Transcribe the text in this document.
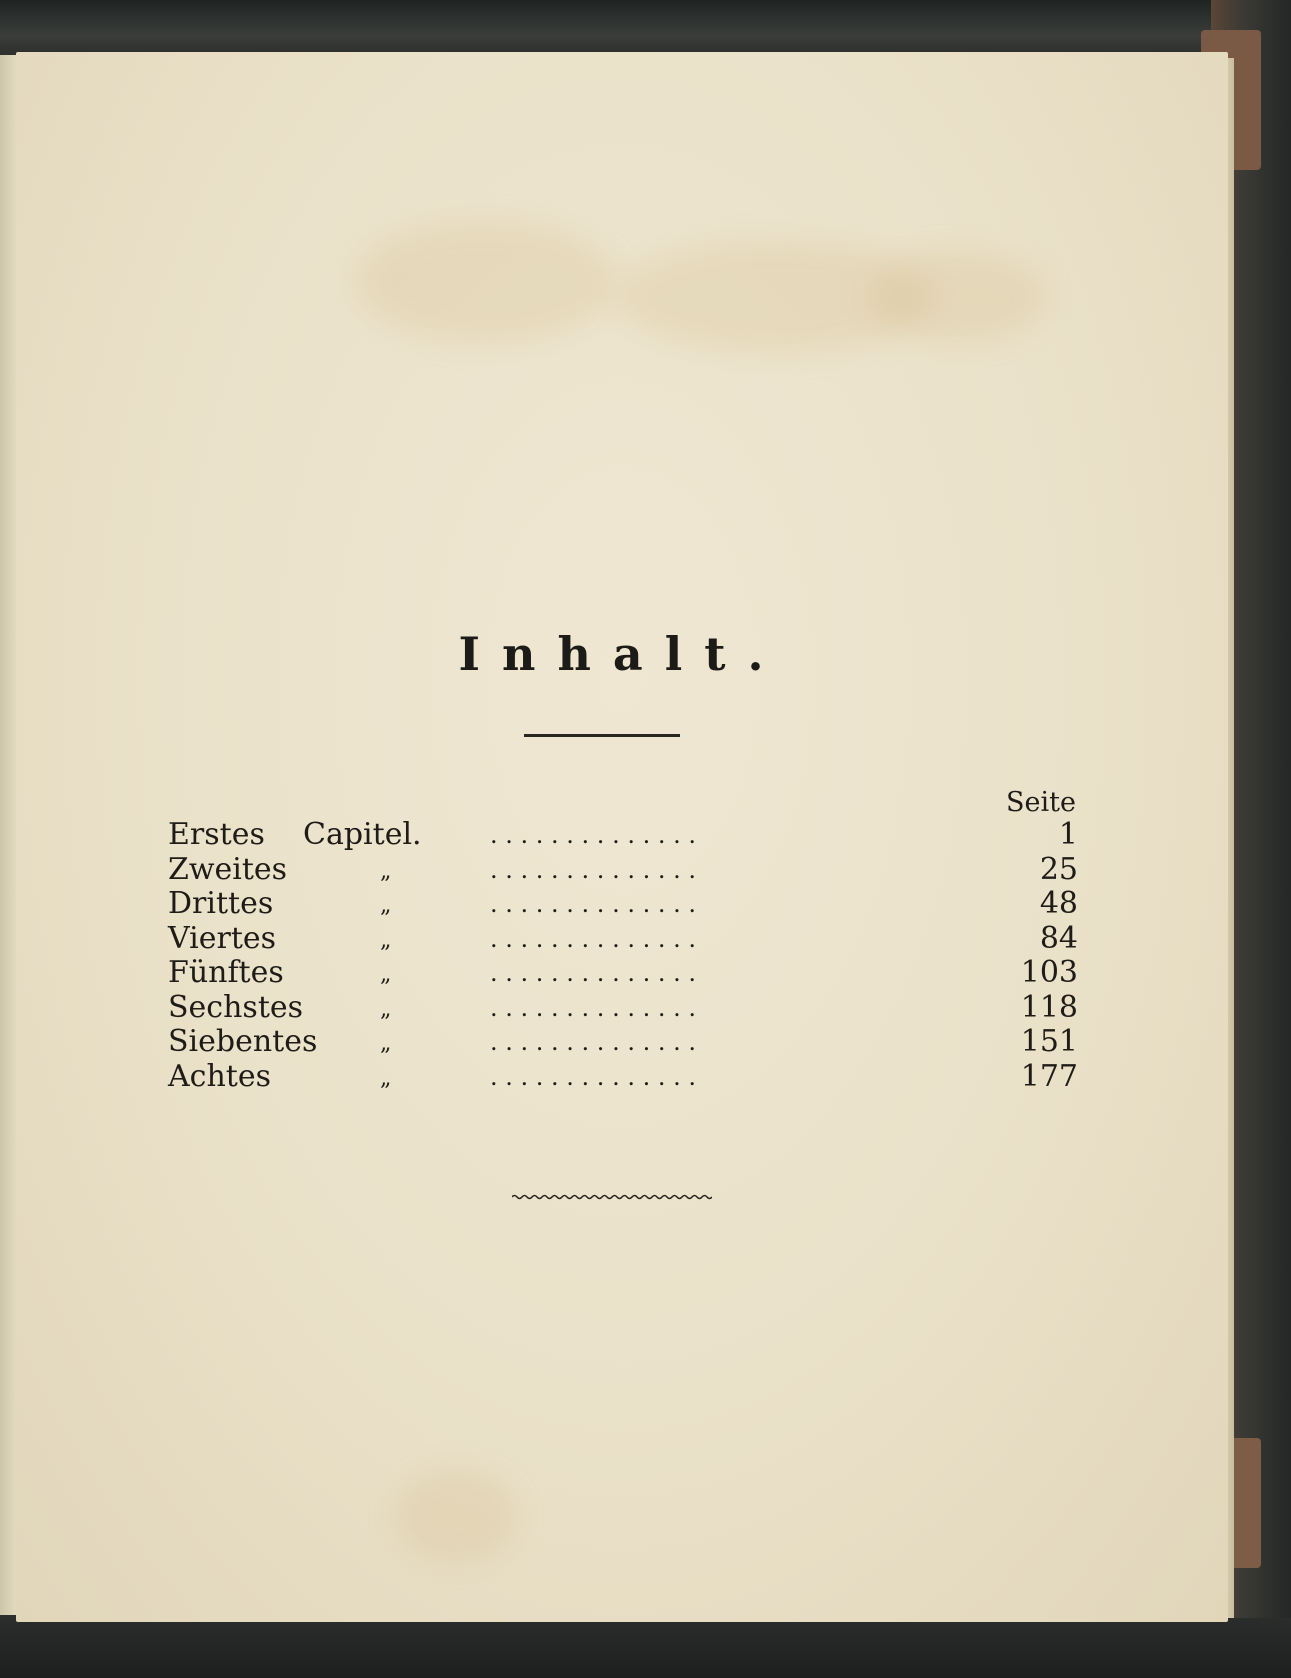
Inhalt.
Seite
Erstes Capitel.	. . . . . . . . . . . . . .	1
Zweites	„	. . . . . . . . . . . . . .	25
Drittes	„	. . . . . . . . . . . . . .	48
Viertes	„	. . . . . . . . . . . . . .	84
Fünftes	„	. . . . . . . . . . . . . .	103
Sechstes	„	. . . . . . . . . . . . . .	118
Siebentes	„	. . . . . . . . . . . . . .	151
Achtes	„	. . . . . . . . . . . . . .	177
